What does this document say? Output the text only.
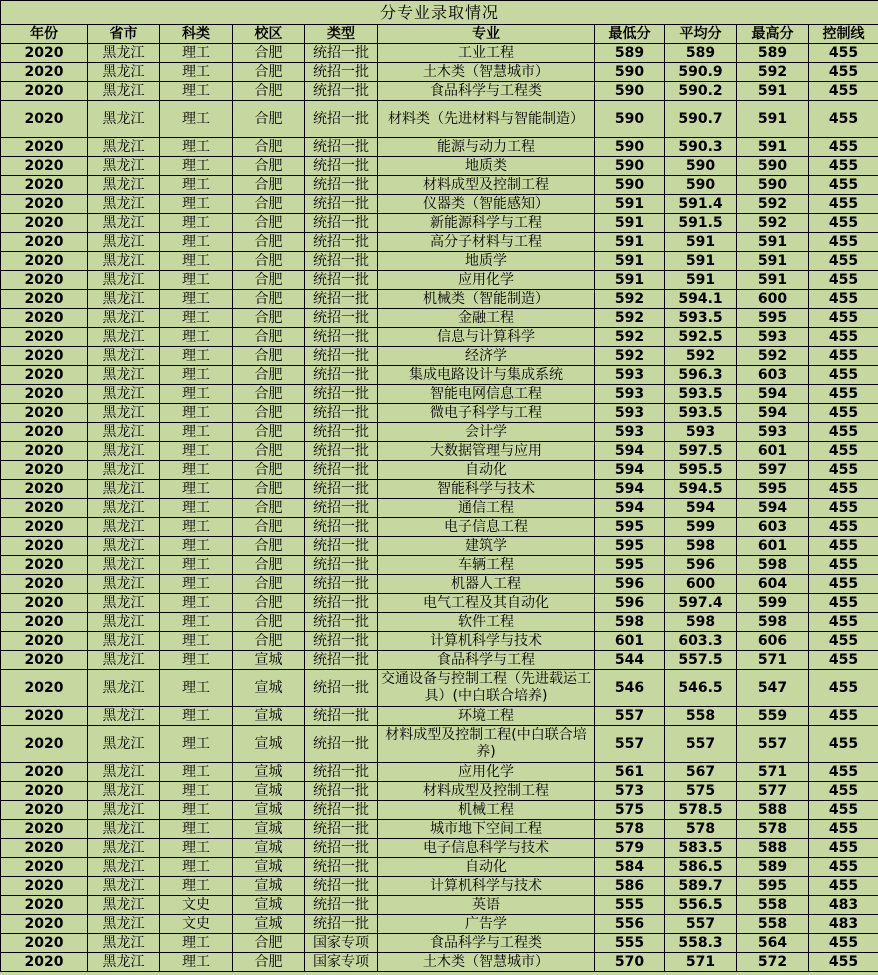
分专业录取情况									
年份	省市	科类	校区	类型	专业	最低分	平均分	最高分	控制线
2020	黑龙江	理工	合肥	统招一批	工业工程	589	589	589	455
2020	黑龙江	理工	合肥	统招一批	土木类（智慧城市）	590	590.9	592	455
2020	黑龙江	理工	合肥	统招一批	食品科学与工程类	590	590.2	591	455
2020	黑龙江	理工	合肥	统招一批	材料类（先进材料与智能制造）	590	590.7	591	455
2020	黑龙江	理工	合肥	统招一批	能源与动力工程	590	590.3	591	455
2020	黑龙江	理工	合肥	统招一批	地质类	590	590	590	455
2020	黑龙江	理工	合肥	统招一批	材料成型及控制工程	590	590	590	455
2020	黑龙江	理工	合肥	统招一批	仪器类（智能感知）	591	591.4	592	455
2020	黑龙江	理工	合肥	统招一批	新能源科学与工程	591	591.5	592	455
2020	黑龙江	理工	合肥	统招一批	高分子材料与工程	591	591	591	455
2020	黑龙江	理工	合肥	统招一批	地质学	591	591	591	455
2020	黑龙江	理工	合肥	统招一批	应用化学	591	591	591	455
2020	黑龙江	理工	合肥	统招一批	机械类（智能制造）	592	594.1	600	455
2020	黑龙江	理工	合肥	统招一批	金融工程	592	593.5	595	455
2020	黑龙江	理工	合肥	统招一批	信息与计算科学	592	592.5	593	455
2020	黑龙江	理工	合肥	统招一批	经济学	592	592	592	455
2020	黑龙江	理工	合肥	统招一批	集成电路设计与集成系统	593	596.3	603	455
2020	黑龙江	理工	合肥	统招一批	智能电网信息工程	593	593.5	594	455
2020	黑龙江	理工	合肥	统招一批	微电子科学与工程	593	593.5	594	455
2020	黑龙江	理工	合肥	统招一批	会计学	593	593	593	455
2020	黑龙江	理工	合肥	统招一批	大数据管理与应用	594	597.5	601	455
2020	黑龙江	理工	合肥	统招一批	自动化	594	595.5	597	455
2020	黑龙江	理工	合肥	统招一批	智能科学与技术	594	594.5	595	455
2020	黑龙江	理工	合肥	统招一批	通信工程	594	594	594	455
2020	黑龙江	理工	合肥	统招一批	电子信息工程	595	599	603	455
2020	黑龙江	理工	合肥	统招一批	建筑学	595	598	601	455
2020	黑龙江	理工	合肥	统招一批	车辆工程	595	596	598	455
2020	黑龙江	理工	合肥	统招一批	机器人工程	596	600	604	455
2020	黑龙江	理工	合肥	统招一批	电气工程及其自动化	596	597.4	599	455
2020	黑龙江	理工	合肥	统招一批	软件工程	598	598	598	455
2020	黑龙江	理工	合肥	统招一批	计算机科学与技术	601	603.3	606	455
2020	黑龙江	理工	宣城	统招一批	食品科学与工程	544	557.5	571	455
2020	黑龙江	理工	宣城	统招一批	交通设备与控制工程（先进载运工具）(中白联合培养)	546	546.5	547	455
2020	黑龙江	理工	宣城	统招一批	环境工程	557	558	559	455
2020	黑龙江	理工	宣城	统招一批	材料成型及控制工程(中白联合培养)	557	557	557	455
2020	黑龙江	理工	宣城	统招一批	应用化学	561	567	571	455
2020	黑龙江	理工	宣城	统招一批	材料成型及控制工程	573	575	577	455
2020	黑龙江	理工	宣城	统招一批	机械工程	575	578.5	588	455
2020	黑龙江	理工	宣城	统招一批	城市地下空间工程	578	578	578	455
2020	黑龙江	理工	宣城	统招一批	电子信息科学与技术	579	583.5	588	455
2020	黑龙江	理工	宣城	统招一批	自动化	584	586.5	589	455
2020	黑龙江	理工	宣城	统招一批	计算机科学与技术	586	589.7	595	455
2020	黑龙江	文史	宣城	统招一批	英语	555	556.5	558	483
2020	黑龙江	文史	宣城	统招一批	广告学	556	557	558	483
2020	黑龙江	理工	合肥	国家专项	食品科学与工程类	555	558.3	564	455
2020	黑龙江	理工	合肥	国家专项	土木类（智慧城市）	570	571	572	455
